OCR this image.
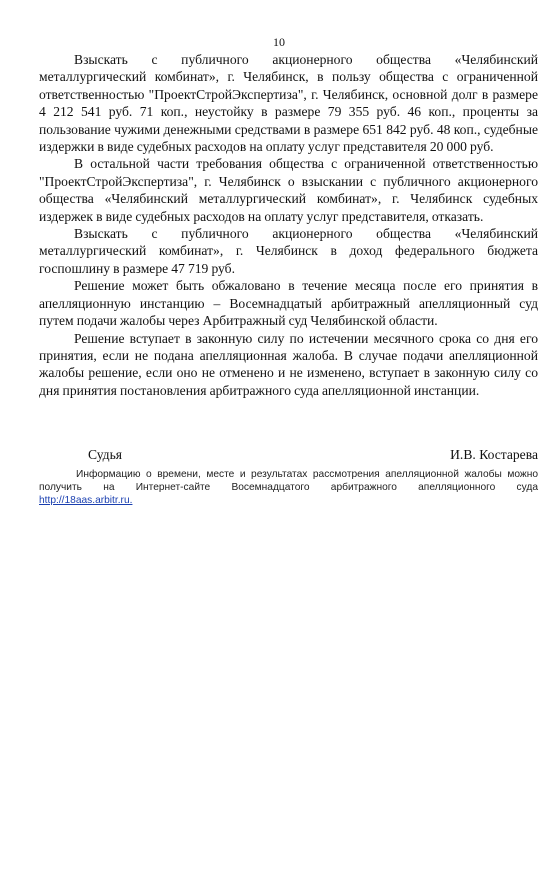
10

Взыскать с публичного акционерного общества «Челябинский металлургический комбинат», г. Челябинск, в пользу общества с ограниченной ответственностью "ПроектСтройЭкспертиза", г. Челябинск, основной долг в размере 4 212 541 руб. 71 коп., неустойку в размере 79 355 руб. 46 коп., проценты за пользование чужими денежными средствами в размере 651 842 руб. 48 коп., судебные издержки в виде судебных расходов на оплату услуг представителя 20 000 руб.

В остальной части требования общества с ограниченной ответственностью "ПроектСтройЭкспертиза", г. Челябинск о взыскании с публичного акционерного общества «Челябинский металлургический комбинат», г. Челябинск судебных издержек в виде судебных расходов на оплату услуг представителя, отказать.

Взыскать с публичного акционерного общества «Челябинский металлургический комбинат», г. Челябинск в доход федерального бюджета госпошлину в размере 47 719 руб.

Решение может быть обжаловано в течение месяца после его принятия в апелляционную инстанцию – Восемнадцатый арбитражный апелляционный суд путем подачи жалобы через Арбитражный суд Челябинской области.

Решение вступает в законную силу по истечении месячного срока со дня его принятия, если не подана апелляционная жалоба. В случае подачи апелляционной жалобы решение, если оно не отменено и не изменено, вступает в законную силу со дня принятия постановления арбитражного суда апелляционной инстанции.

Судья	И.В. Костарева

Информацию о времени, месте и результатах рассмотрения апелляционной жалобы можно

получить на Интернет-сайте Восемнадцатого арбитражного апелляционного суда

http://18aas.arbitr.ru.
